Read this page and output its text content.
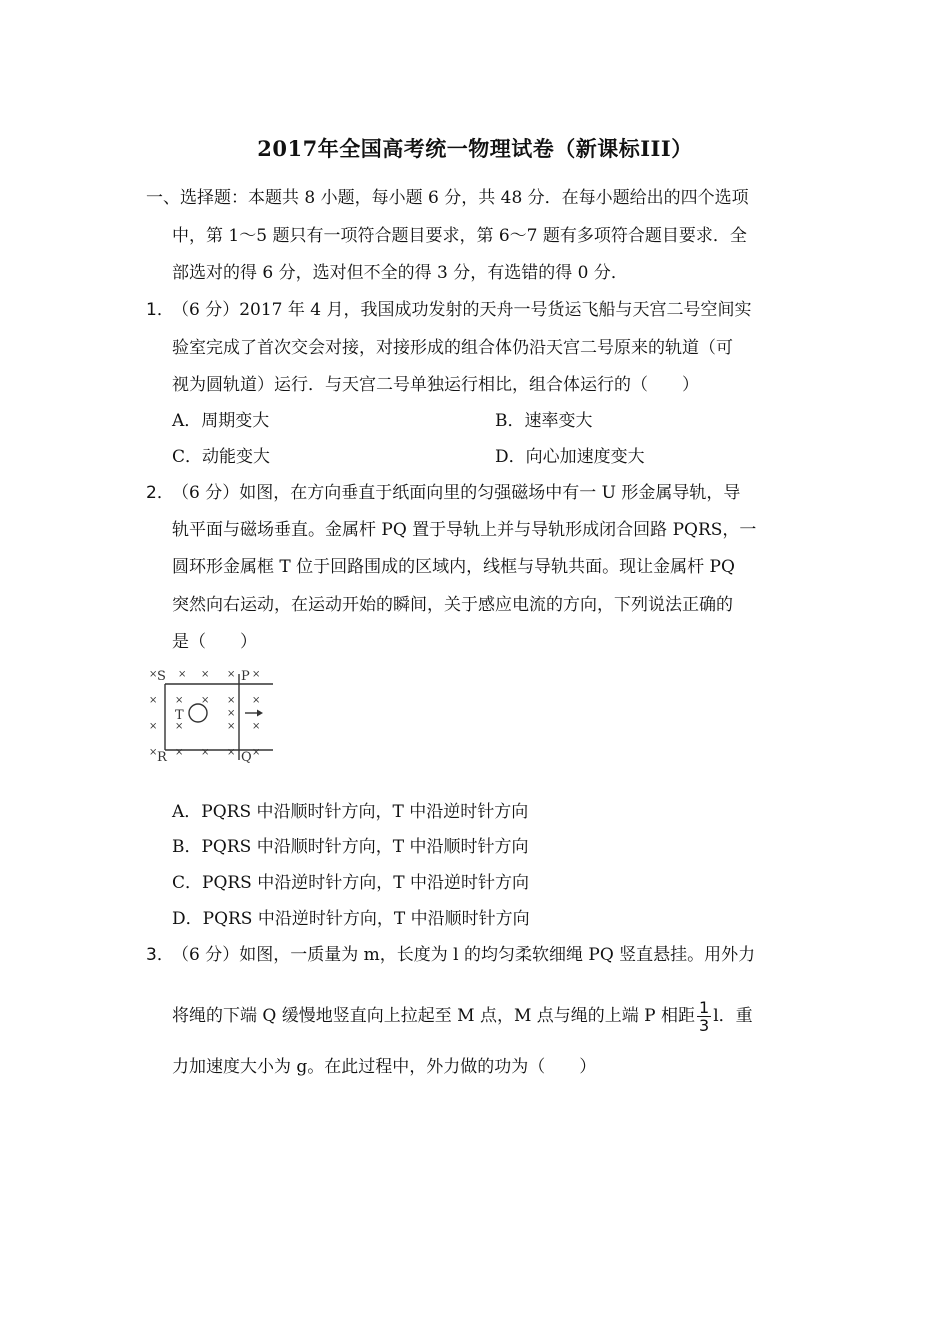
2017年全国高考统一物理试卷（新课标III）
一、选择题：本题共 8 小题，每小题 6 分，共 48 分．在每小题给出的四个选项
中，第 1～5 题只有一项符合题目要求，第 6～7 题有多项符合题目要求．全
部选对的得 6 分，选对但不全的得 3 分，有选错的得 0 分．
1．
（6 分）2017 年 4 月，我国成功发射的天舟一号货运飞船与天宫二号空间实
验室完成了首次交会对接，对接形成的组合体仍沿天宫二号原来的轨道（可
视为圆轨道）运行．与天宫二号单独运行相比，组合体运行的（　　）
A．周期变大	B．速率变大
C．动能变大	D．向心加速度变大
2．
（6 分）如图，在方向垂直于纸面向里的匀强磁场中有一 U 形金属导轨，导
轨平面与磁场垂直。金属杆 PQ 置于导轨上并与导轨形成闭合回路 PQRS，一
圆环形金属框 T 位于回路围成的区域内，线框与导轨共面。现让金属杆 PQ
突然向右运动，在运动开始的瞬间，关于感应电流的方向，下列说法正确的
是（　　）
S	P
R	Q
T
× × × × ×
× × × × ×
×
× ×	× ×
× × × × ×
A．PQRS 中沿顺时针方向，T 中沿逆时针方向
B．PQRS 中沿顺时针方向，T 中沿顺时针方向
C．PQRS 中沿逆时针方向，T 中沿逆时针方向
D．PQRS 中沿逆时针方向，T 中沿顺时针方向
3．
（6 分）如图，一质量为 m，长度为 l 的均匀柔软细绳 PQ 竖直悬挂。用外力
将绳的下端 Q 缓慢地竖直向上拉起至 M 点，M 点与绳的上端 P 相距 $\frac{1}{3}$ l．重
力加速度大小为 g。在此过程中，外力做的功为（　　）
